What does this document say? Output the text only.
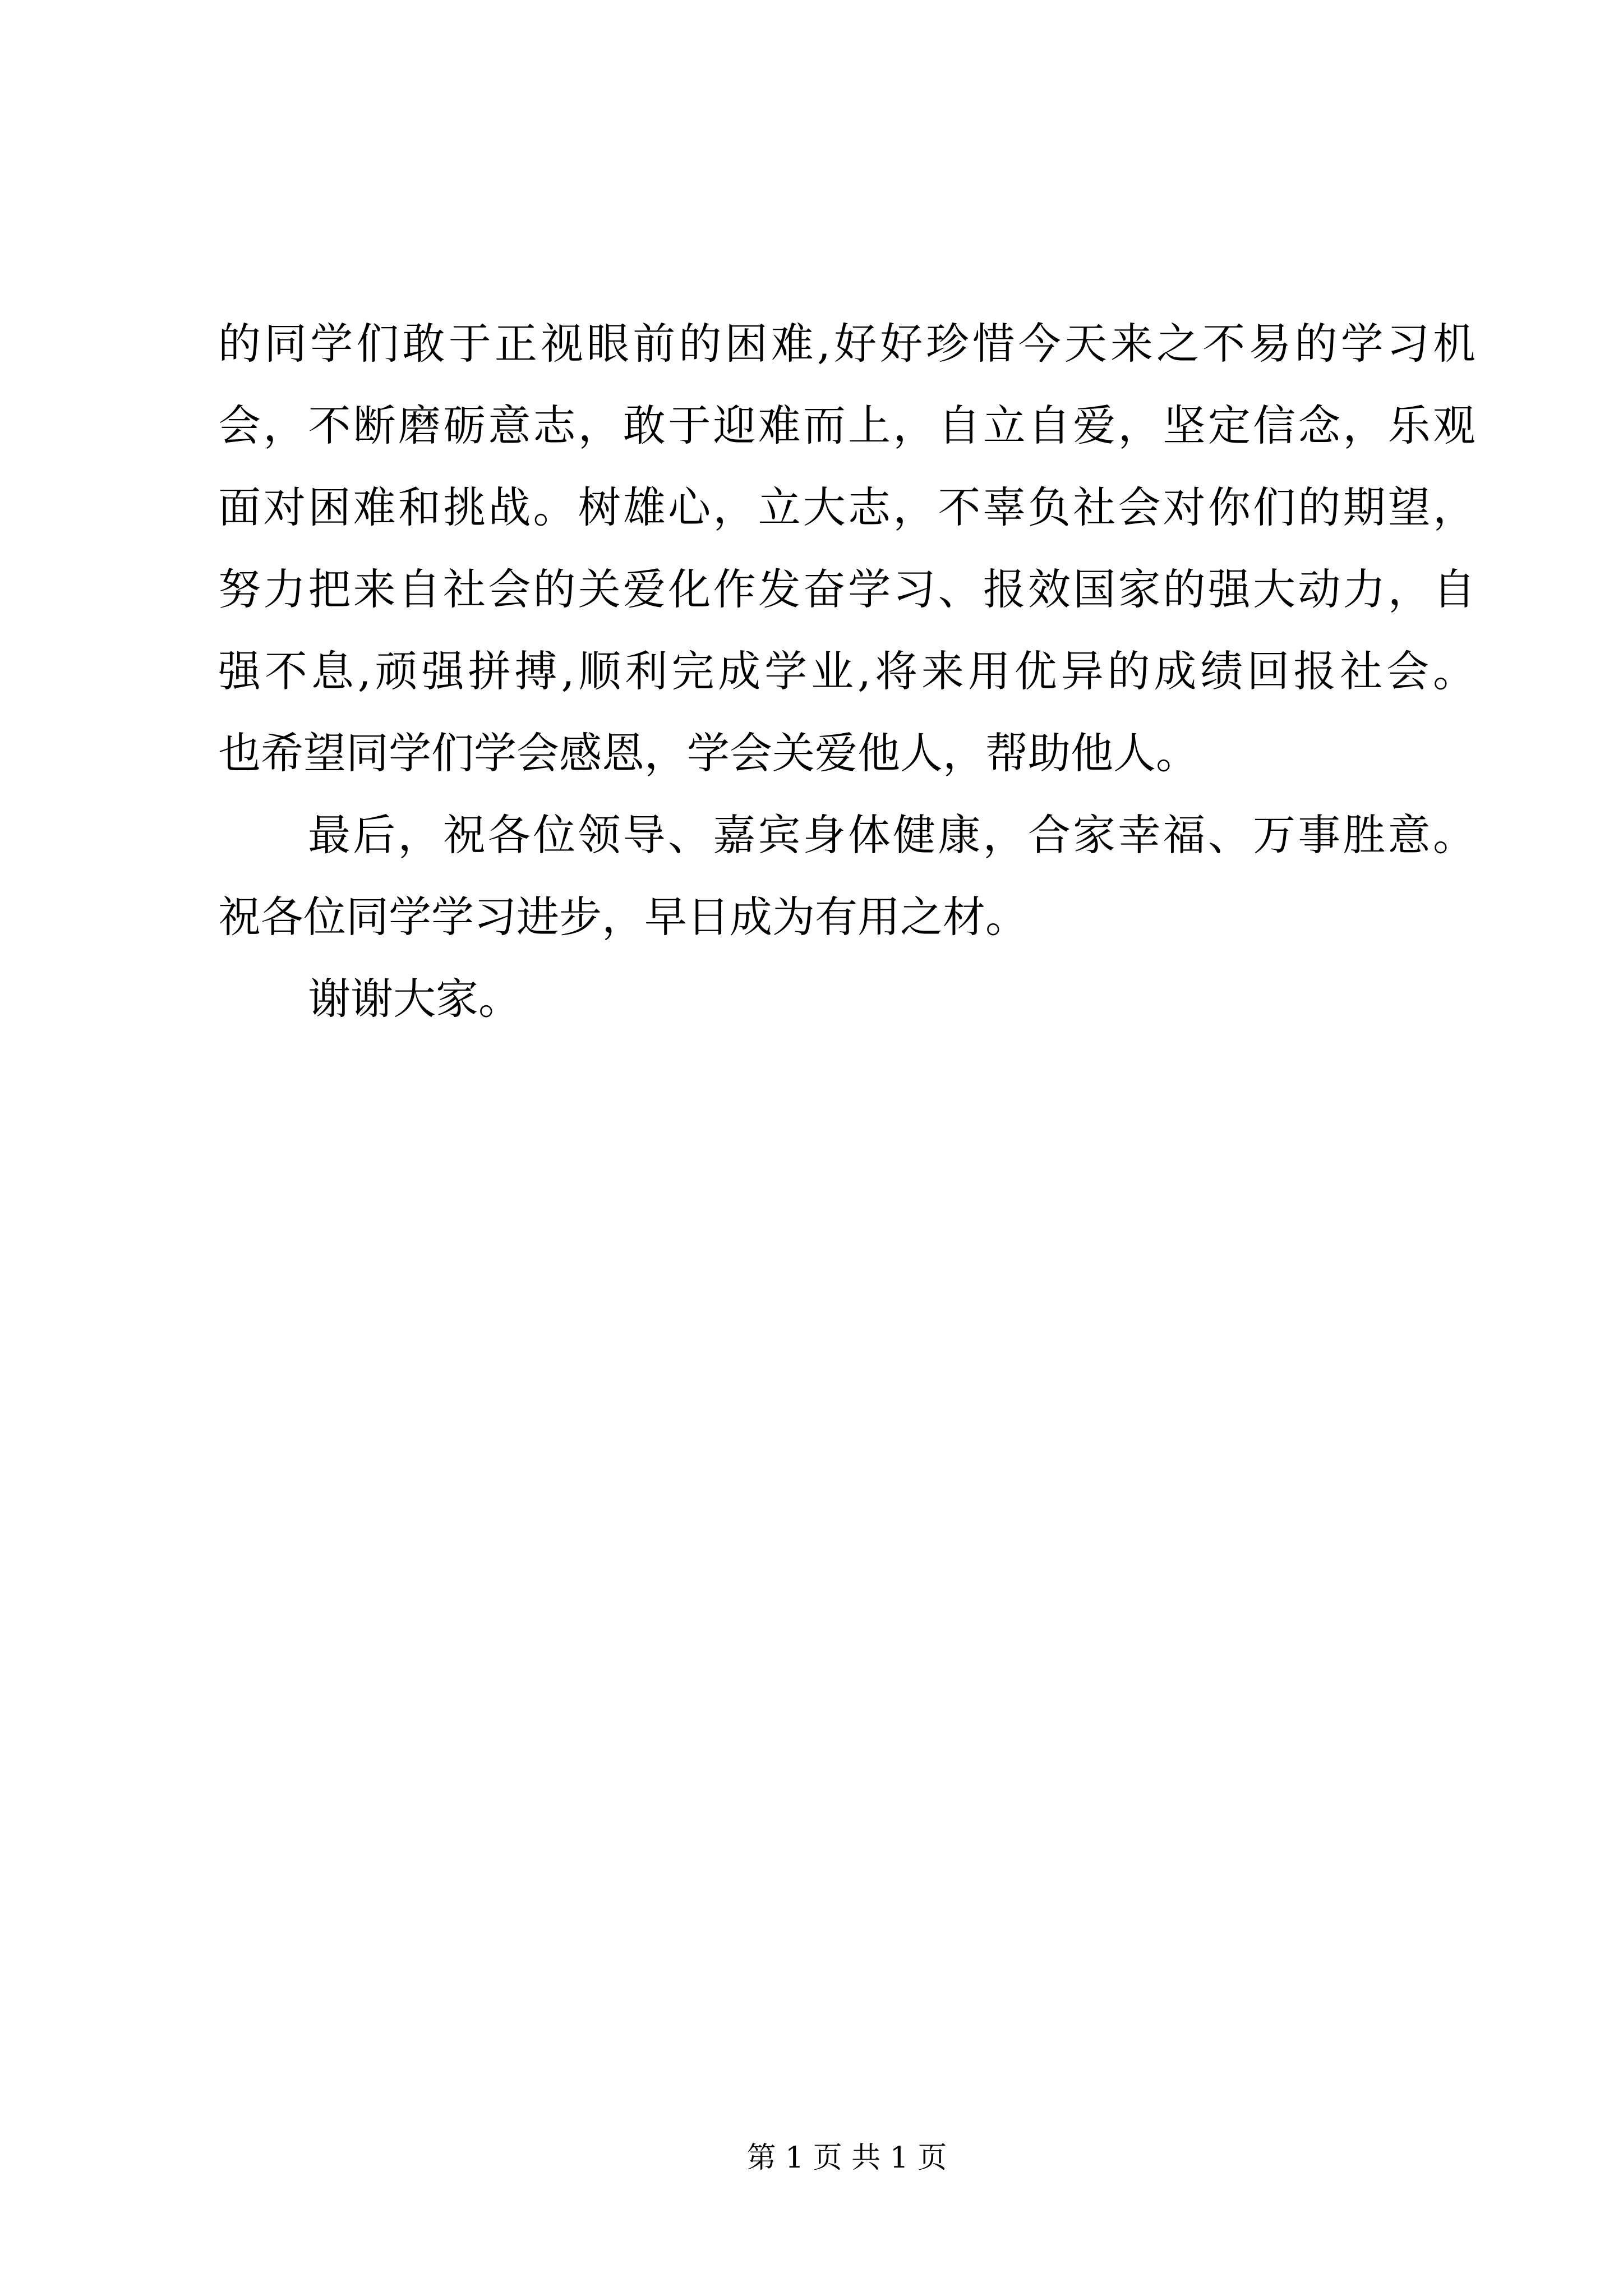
的同学们敢于正视眼前的困难,好好珍惜今天来之不易的学习机
会，不断磨砺意志，敢于迎难而上，自立自爱，坚定信念，乐观
面对困难和挑战。树雄心，立大志，不辜负社会对你们的期望，
努力把来自社会的关爱化作发奋学习、报效国家的强大动力，自
强不息,顽强拼搏,顺利完成学业,将来用优异的成绩回报社会。
也希望同学们学会感恩，学会关爱他人，帮助他人。
最后，祝各位领导、嘉宾身体健康，合家幸福、万事胜意。
祝各位同学学习进步，早日成为有用之材。
谢谢大家。
第 1 页 共 1 页
